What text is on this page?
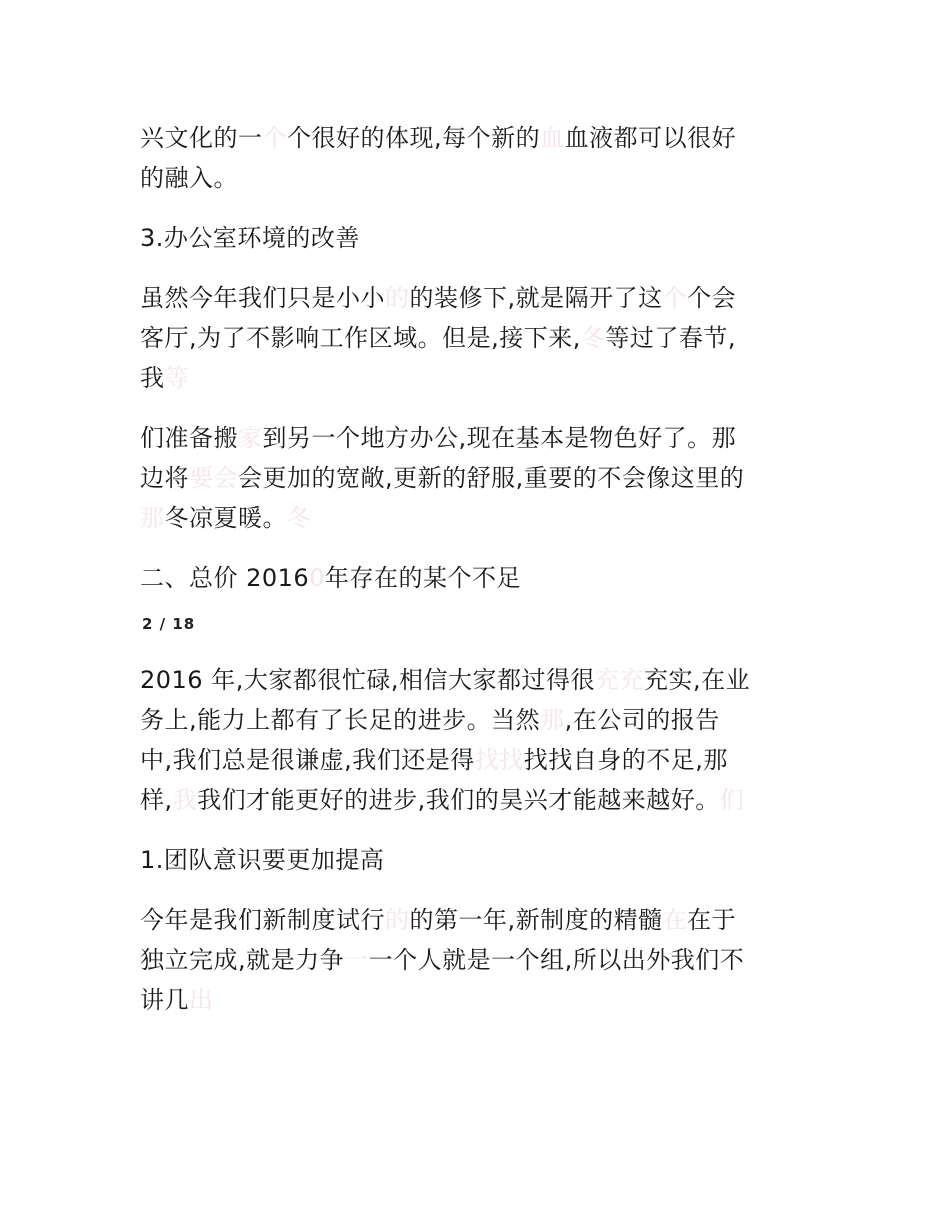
兴文化的一个个很好的体现,每个新的血血液都可以很好
的融入。

3.办公室环境的改善

虽然今年我们只是小小的的装修下,就是隔开了这个个会
客厅,为了不影响工作区域。但是,接下来,冬等过了春节,
我等

们准备搬家到另一个地方办公,现在基本是物色好了。那
边将要会会更加的宽敞,更新的舒服,重要的不会像这里的
那冬凉夏暖。冬

二、总价 20160年存在的某个不足

2 / 18

2016 年,大家都很忙碌,相信大家都过得很充充充实,在业
务上,能力上都有了长足的进步。当然那,在公司的报告
中,我们总是很谦虚,我们还是得找找找找自身的不足,那
样,我我们才能更好的进步,我们的昊兴才能越来越好。们

1.团队意识要更加提高

今年是我们新制度试行的的第一年,新制度的精髓在在于
独立完成,就是力争一一个人就是一个组,所以出外我们不
讲几出
